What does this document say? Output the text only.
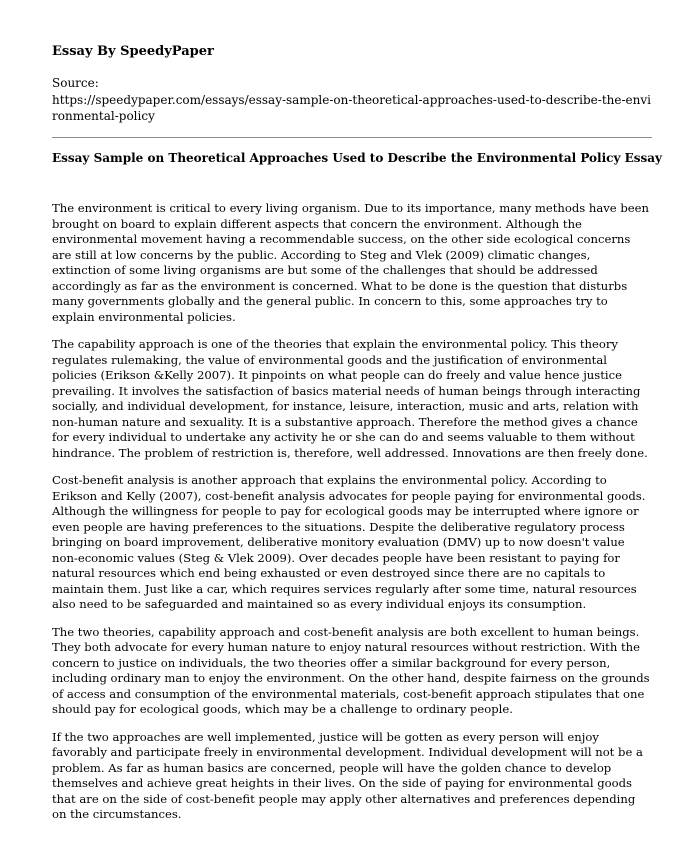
Essay By SpeedyPaper
Source:
https://speedypaper.com/essays/essay-sample-on-theoretical-approaches-used-to-describe-the-environmental-policy
Essay Sample on Theoretical Approaches Used to Describe the Environmental Policy Essay

The environment is critical to every living organism. Due to its importance, many methods have been brought on board to explain different aspects that concern the environment. Although the environmental movement having a recommendable success, on the other side ecological concerns are still at low concerns by the public. According to Steg and Vlek (2009) climatic changes, extinction of some living organisms are but some of the challenges that should be addressed accordingly as far as the environment is concerned. What to be done is the question that disturbs many governments globally and the general public. In concern to this, some approaches try to explain environmental policies.

The capability approach is one of the theories that explain the environmental policy. This theory regulates rulemaking, the value of environmental goods and the justification of environmental policies (Erikson &Kelly 2007). It pinpoints on what people can do freely and value hence justice prevailing. It involves the satisfaction of basics material needs of human beings through interacting socially, and individual development, for instance, leisure, interaction, music and arts, relation with non-human nature and sexuality. It is a substantive approach. Therefore the method gives a chance for every individual to undertake any activity he or she can do and seems valuable to them without hindrance. The problem of restriction is, therefore, well addressed. Innovations are then freely done.

Cost-benefit analysis is another approach that explains the environmental policy. According to Erikson and Kelly (2007), cost-benefit analysis advocates for people paying for environmental goods. Although the willingness for people to pay for ecological goods may be interrupted where ignore or even people are having preferences to the situations. Despite the deliberative regulatory process bringing on board improvement, deliberative monitory evaluation (DMV) up to now doesn't value non-economic values (Steg & Vlek 2009). Over decades people have been resistant to paying for natural resources which end being exhausted or even destroyed since there are no capitals to maintain them. Just like a car, which requires services regularly after some time, natural resources also need to be safeguarded and maintained so as every individual enjoys its consumption.

The two theories, capability approach and cost-benefit analysis are both excellent to human beings. They both advocate for every human nature to enjoy natural resources without restriction. With the concern to justice on individuals, the two theories offer a similar background for every person, including ordinary man to enjoy the environment. On the other hand, despite fairness on the grounds of access and consumption of the environmental materials, cost-benefit approach stipulates that one should pay for ecological goods, which may be a challenge to ordinary people.

If the two approaches are well implemented, justice will be gotten as every person will enjoy favorably and participate freely in environmental development. Individual development will not be a problem. As far as human basics are concerned, people will have the golden chance to develop themselves and achieve great heights in their lives. On the side of paying for environmental goods that are on the side of cost-benefit people may apply other alternatives and preferences depending on the circumstances.
